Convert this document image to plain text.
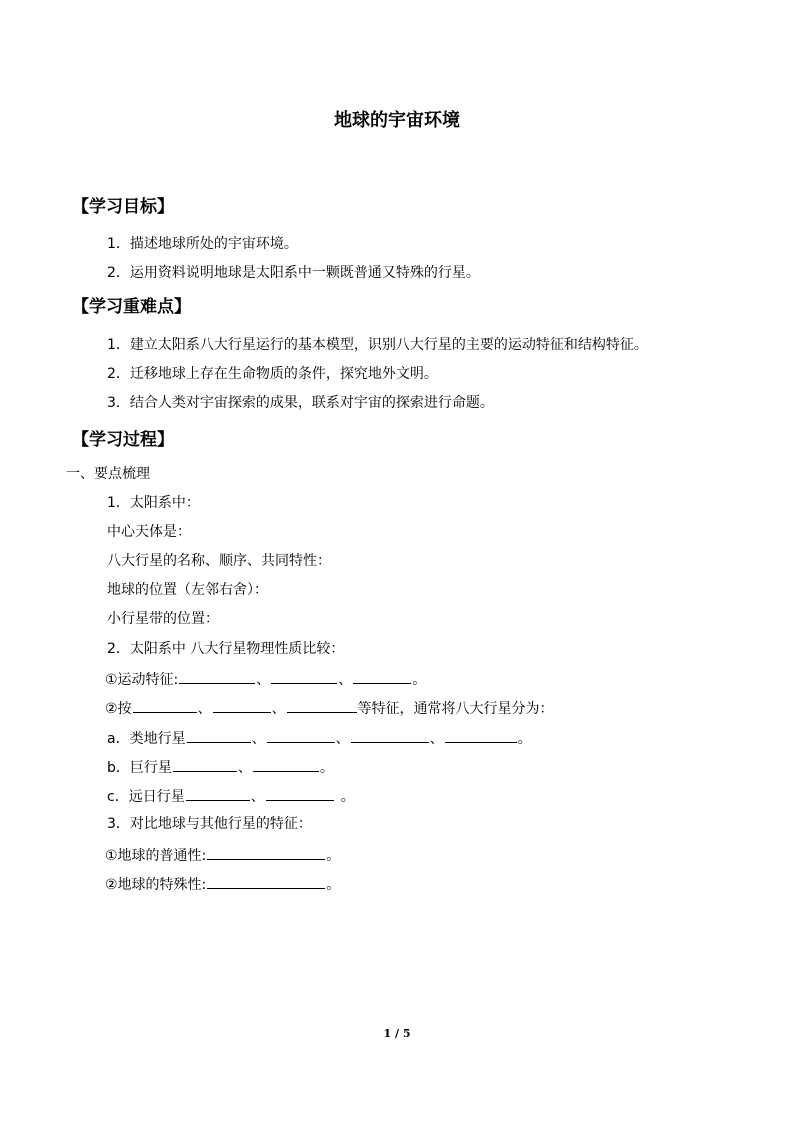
地球的宇宙环境
【学习目标】
1．描述地球所处的宇宙环境。
2．运用资料说明地球是太阳系中一颗既普通又特殊的行星。
【学习重难点】
1．建立太阳系八大行星运行的基本模型，识别八大行星的主要的运动特征和结构特征。
2．迁移地球上存在生命物质的条件，探究地外文明。
3．结合人类对宇宙探索的成果，联系对宇宙的探索进行命题。
【学习过程】
一、要点梳理
1．太阳系中：
中心天体是：
八大行星的名称、顺序、共同特性：
地球的位置（左邻右舍）：
小行星带的位置：
2．太阳系中 八大行星物理性质比较：
①运动特征:	、	、	。
②按	、	、	等特征，通常将八大行星分为：
a．类地行星	、	、	、	。
b．巨行星	、	。
c．远日行星	、	。
3．对比地球与其他行星的特征：
①地球的普通性:	。
②地球的特殊性:	。
1 / 5
